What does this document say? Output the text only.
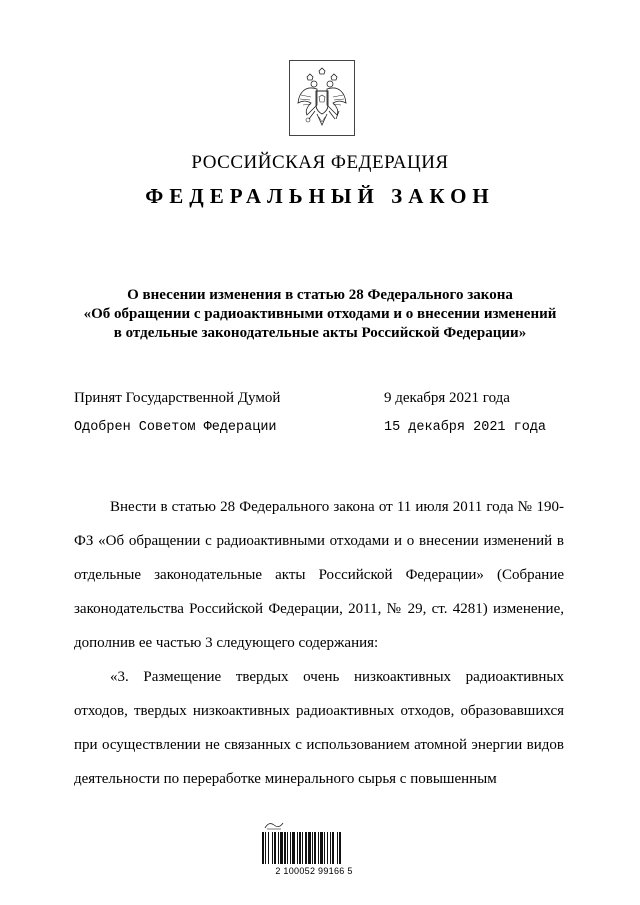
РОССИЙСКАЯ ФЕДЕРАЦИЯ
ФЕДЕРАЛЬНЫЙ ЗАКОН
О внесении изменения в статью 28 Федерального закона
«Об обращении с радиоактивными отходами и о внесении изменений
в отдельные законодательные акты Российской Федерации»
Принят Государственной Думой	9 декабря 2021 года
Одобрен Советом Федерации	15 декабря 2021 года

Внести в статью 28 Федерального закона от 11 июля 2011 года № 190-ФЗ «Об обращении с радиоактивными отходами и о внесении изменений в отдельные законодательные акты Российской Федерации» (Собрание законодательства Российской Федерации, 2011, № 29, ст. 4281) изменение, дополнив ее частью 3 следующего содержания:

«3. Размещение твердых очень низкоактивных радиоактивных отходов, твердых низкоактивных радиоактивных отходов, образовавшихся при осуществлении не связанных с использованием атомной энергии видов деятельности по переработке минерального сырья с повышенным

2 100052 99166 5
